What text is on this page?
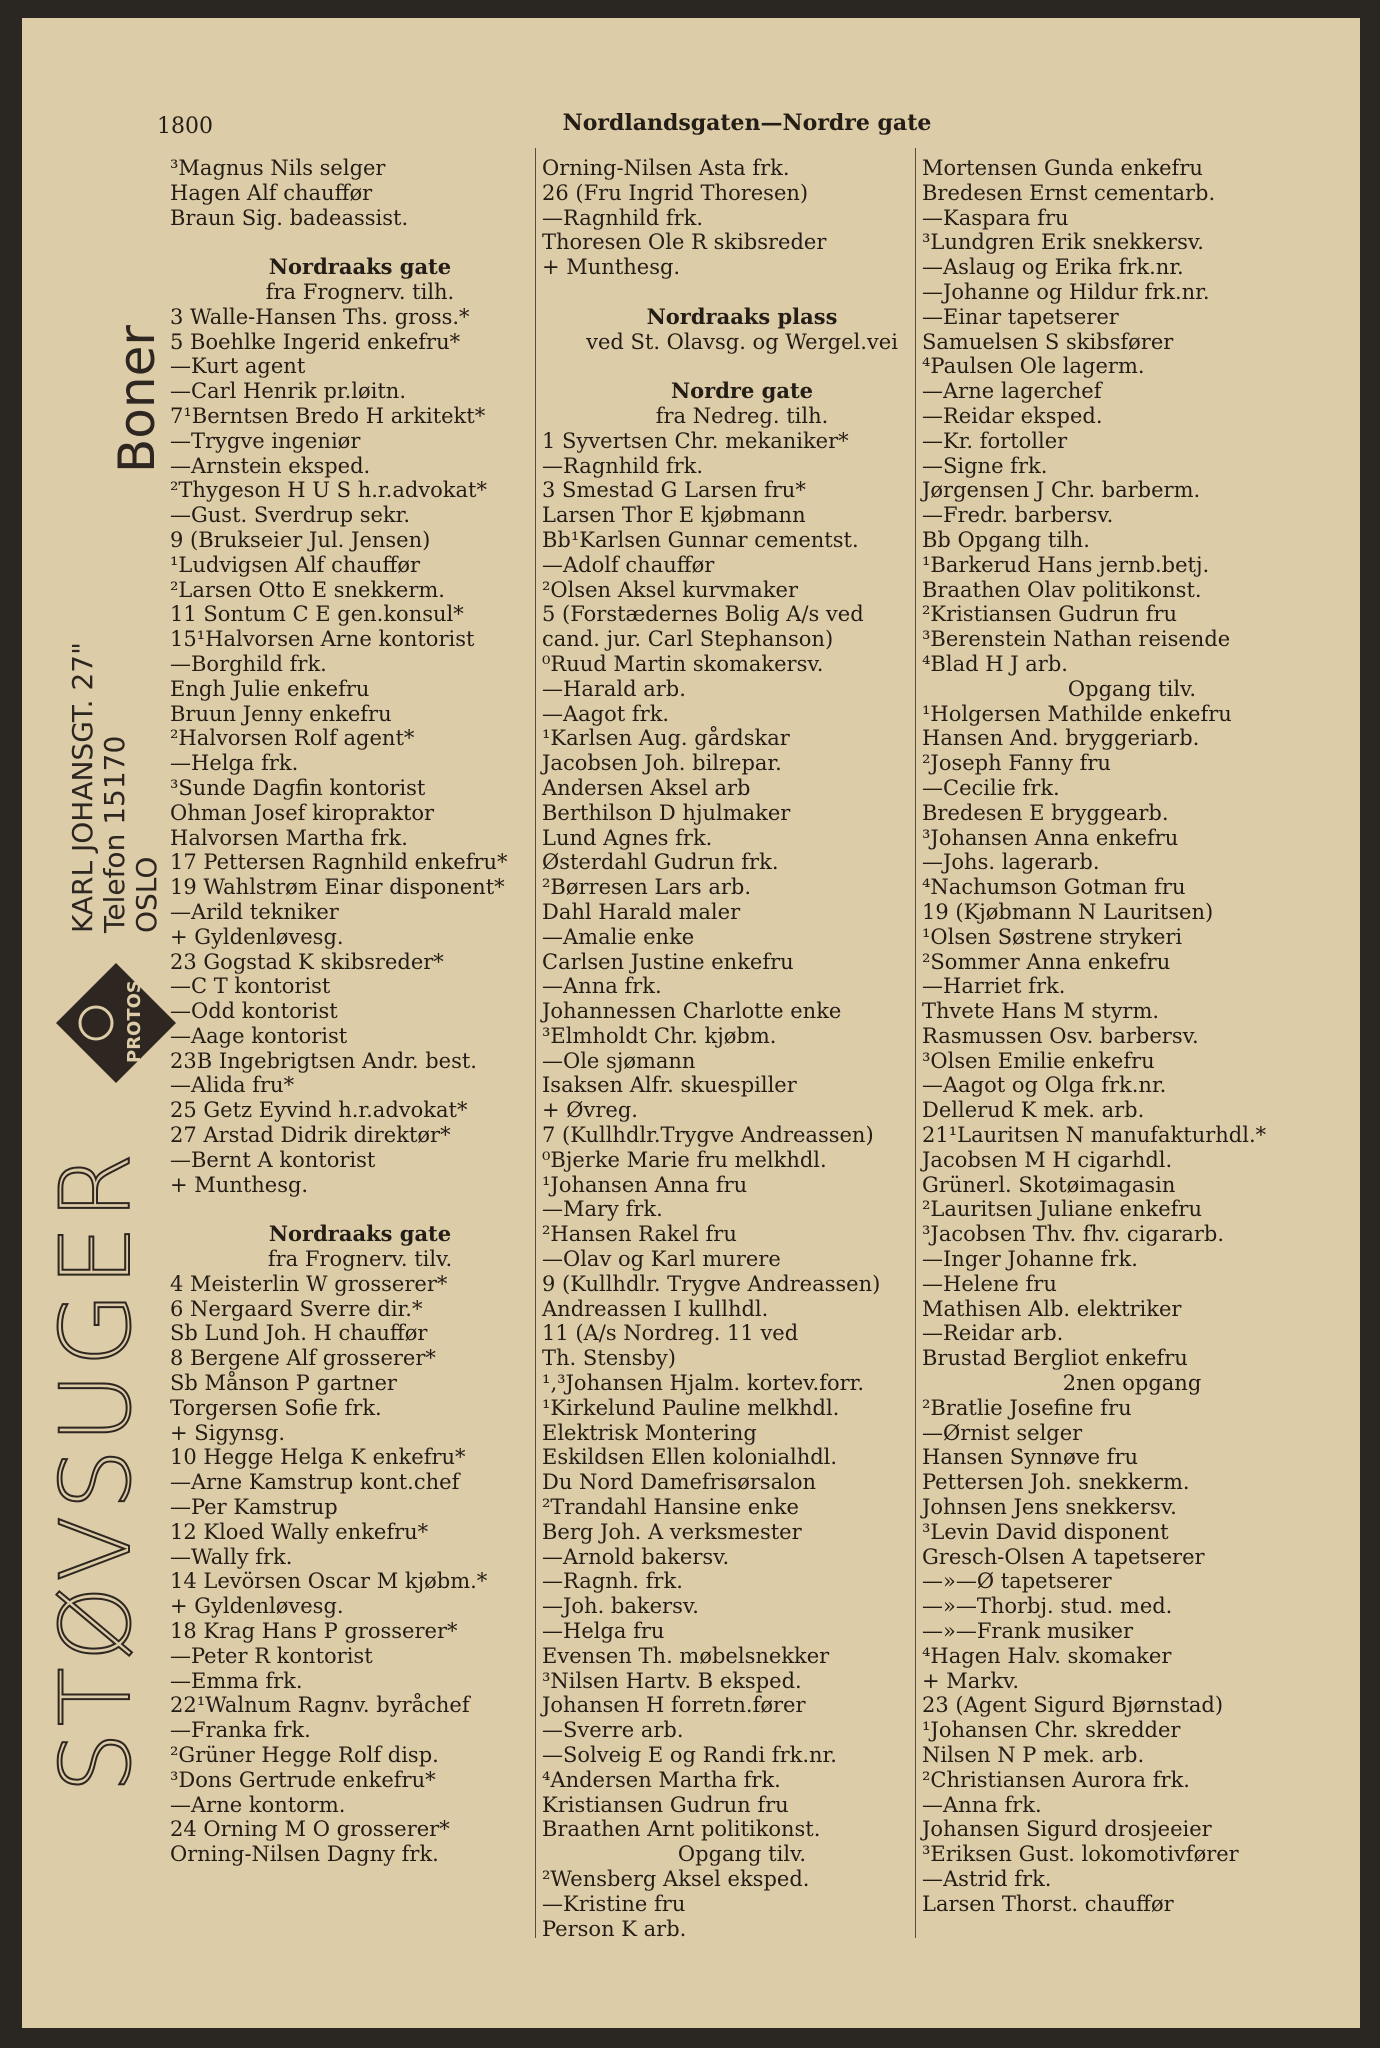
1800	Nordlandsgaten—Nordre gate
STØVSUGER
Boner
KARL JOHANSGT. 27" Telefon 15170 OSLO
PROTOS
³Magnus Nils selger
Hagen Alf chauffør
Braun Sig. badeassist.
Nordraaks gate
fra Frognerv. tilh.
3 Walle-Hansen Ths. gross.*
5 Boehlke Ingerid enkefru*
—Kurt agent
—Carl Henrik pr.løitn.
7¹Berntsen Bredo H arkitekt*
—Trygve ingeniør
—Arnstein eksped.
²Thygeson H U S h.r.advokat*
—Gust. Sverdrup sekr.
9 (Brukseier Jul. Jensen)
¹Ludvigsen Alf chauffør
²Larsen Otto E snekkerm.
11 Sontum C E gen.konsul*
15¹Halvorsen Arne kontorist
—Borghild frk.
Engh Julie enkefru
Bruun Jenny enkefru
²Halvorsen Rolf agent*
—Helga frk.
³Sunde Dagfin kontorist
Ohman Josef kiropraktor
Halvorsen Martha frk.
17 Pettersen Ragnhild enkefru*
19 Wahlstrøm Einar disponent*
—Arild tekniker
+ Gyldenløvesg.
23 Gogstad K skibsreder*
—C T kontorist
—Odd kontorist
—Aage kontorist
23B Ingebrigtsen Andr. best.
—Alida fru*
25 Getz Eyvind h.r.advokat*
27 Arstad Didrik direktør*
—Bernt A kontorist
+ Munthesg.
Nordraaks gate
fra Frognerv. tilv.
4 Meisterlin W grosserer*
6 Nergaard Sverre dir.*
Sb Lund Joh. H chauffør
8 Bergene Alf grosserer*
Sb Månson P gartner
Torgersen Sofie frk.
+ Sigynsg.
10 Hegge Helga K enkefru*
—Arne Kamstrup kont.chef
—Per Kamstrup
12 Kloed Wally enkefru*
—Wally frk.
14 Levörsen Oscar M kjøbm.*
+ Gyldenløvesg.
18 Krag Hans P grosserer*
—Peter R kontorist
—Emma frk.
22¹Walnum Ragnv. byråchef
—Franka frk.
²Grüner Hegge Rolf disp.
³Dons Gertrude enkefru*
—Arne kontorm.
24 Orning M O grosserer*
Orning-Nilsen Dagny frk.
Orning-Nilsen Asta frk.
26 (Fru Ingrid Thoresen)
—Ragnhild frk.
Thoresen Ole R skibsreder
+ Munthesg.
Nordraaks plass
ved St. Olavsg. og Wergel.vei
Nordre gate
fra Nedreg. tilh.
1 Syvertsen Chr. mekaniker*
—Ragnhild frk.
3 Smestad G Larsen fru*
Larsen Thor E kjøbmann
Bb¹Karlsen Gunnar cementst.
—Adolf chauffør
²Olsen Aksel kurvmaker
5 (Forstædernes Bolig A/s ved
cand. jur. Carl Stephanson)
⁰Ruud Martin skomakersv.
—Harald arb.
—Aagot frk.
¹Karlsen Aug. gårdskar
Jacobsen Joh. bilrepar.
Andersen Aksel arb
Berthilson D hjulmaker
Lund Agnes frk.
Østerdahl Gudrun frk.
²Børresen Lars arb.
Dahl Harald maler
—Amalie enke
Carlsen Justine enkefru
—Anna frk.
Johannessen Charlotte enke
³Elmholdt Chr. kjøbm.
—Ole sjømann
Isaksen Alfr. skuespiller
+ Øvreg.
7 (Kullhdlr.Trygve Andreassen)
⁰Bjerke Marie fru melkhdl.
¹Johansen Anna fru
—Mary frk.
²Hansen Rakel fru
—Olav og Karl murere
9 (Kullhdlr. Trygve Andreassen)
Andreassen I kullhdl.
11 (A/s Nordreg. 11 ved
Th. Stensby)
¹‚³Johansen Hjalm. kortev.forr.
¹Kirkelund Pauline melkhdl.
Elektrisk Montering
Eskildsen Ellen kolonialhdl.
Du Nord Damefrisørsalon
²Trandahl Hansine enke
Berg Joh. A verksmester
—Arnold bakersv.
—Ragnh. frk.
—Joh. bakersv.
—Helga fru
Evensen Th. møbelsnekker
³Nilsen Hartv. B eksped.
Johansen H forretn.fører
—Sverre arb.
—Solveig E og Randi frk.nr.
⁴Andersen Martha frk.
Kristiansen Gudrun fru
Braathen Arnt politikonst.
Opgang tilv.
²Wensberg Aksel eksped.
—Kristine fru
Person K arb.
Mortensen Gunda enkefru
Bredesen Ernst cementarb.
—Kaspara fru
³Lundgren Erik snekkersv.
—Aslaug og Erika frk.nr.
—Johanne og Hildur frk.nr.
—Einar tapetserer
Samuelsen S skibsfører
⁴Paulsen Ole lagerm.
—Arne lagerchef
—Reidar eksped.
—Kr. fortoller
—Signe frk.
Jørgensen J Chr. barberm.
—Fredr. barbersv.
Bb Opgang tilh.
¹Barkerud Hans jernb.betj.
Braathen Olav politikonst.
²Kristiansen Gudrun fru
³Berenstein Nathan reisende
⁴Blad H J arb.
Opgang tilv.
¹Holgersen Mathilde enkefru
Hansen And. bryggeriarb.
²Joseph Fanny fru
—Cecilie frk.
Bredesen E bryggearb.
³Johansen Anna enkefru
—Johs. lagerarb.
⁴Nachumson Gotman fru
19 (Kjøbmann N Lauritsen)
¹Olsen Søstrene strykeri
²Sommer Anna enkefru
—Harriet frk.
Thvete Hans M styrm.
Rasmussen Osv. barbersv.
³Olsen Emilie enkefru
—Aagot og Olga frk.nr.
Dellerud K mek. arb.
21¹Lauritsen N manufakturhdl.*
Jacobsen M H cigarhdl.
Grünerl. Skotøimagasin
²Lauritsen Juliane enkefru
³Jacobsen Thv. fhv. cigararb.
—Inger Johanne frk.
—Helene fru
Mathisen Alb. elektriker
—Reidar arb.
Brustad Bergliot enkefru
2nen opgang
²Bratlie Josefine fru
—Ørnist selger
Hansen Synnøve fru
Pettersen Joh. snekkerm.
Johnsen Jens snekkersv.
³Levin David disponent
Gresch-Olsen A tapetserer
—»—Ø tapetserer
—»—Thorbj. stud. med.
—»—Frank musiker
⁴Hagen Halv. skomaker
+ Markv.
23 (Agent Sigurd Bjørnstad)
¹Johansen Chr. skredder
Nilsen N P mek. arb.
²Christiansen Aurora frk.
—Anna frk.
Johansen Sigurd drosjeeier
³Eriksen Gust. lokomotivfører
—Astrid frk.
Larsen Thorst. chauffør
